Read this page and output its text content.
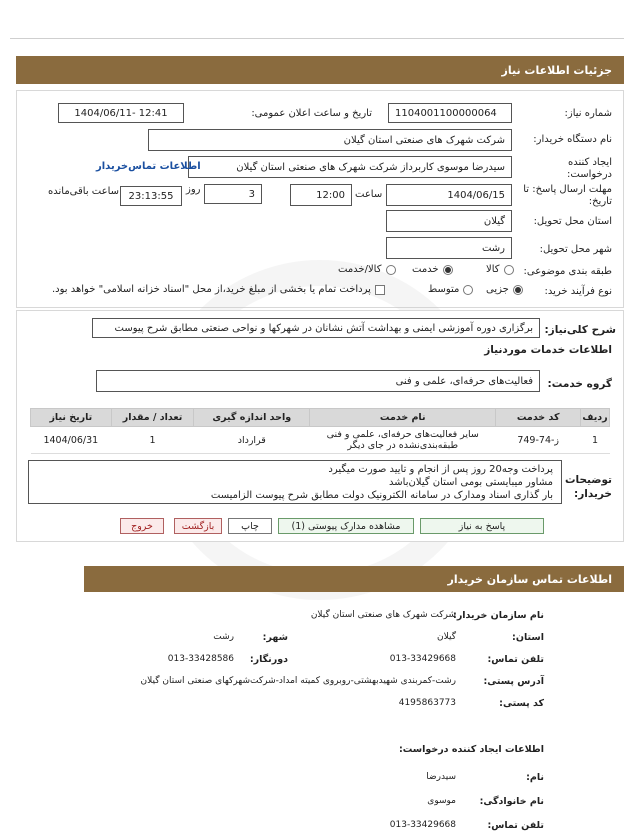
جزئیات اطلاعات نیاز
شماره نیاز:
1104001100000064
تاریخ و ساعت اعلان عمومی:
1404/06/11- 12:41
نام دستگاه خریدار:
شرکت شهرک های صنعتی استان گیلان
ایجاد کننده
درخواست:
سیدرضا موسوی کاربرداز شرکت شهرک های صنعتی استان گیلان
اطلاعات تماس‌خریدار
مهلت ارسال پاسخ: تا
تاریخ:
1404/06/15
ساعت
12:00
3
روز
23:13:55
ساعت باقی‌مانده
استان محل تحویل:
گیلان
شهر محل تحویل:
رشت
طبقه بندی موضوعی:
کالا
خدمت
کالا/خدمت
نوع فرآیند خرید:
جزیی
متوسط
پرداخت تمام یا بخشی از مبلغ خرید،از محل "اسناد خزانه اسلامی" خواهد بود.
شرح کلی‌نیاز:
برگزاری دوره آموزشی ایمنی و بهداشت آتش نشانان در شهرکها و نواحی صنعتی مطابق شرح پیوست
اطلاعات خدمات موردنیاز
گروه خدمت:
فعالیت‌های حرفه‌ای، علمی و فنی
ردیف	کد خدمت	نام خدمت	واحد اندازه گیری	تعداد / مقدار	تاریخ نیاز
1	ز-74-749	سایر فعالیت‌های حرفه‌ای، علمی و فنی
طبقه‌بندی‌نشده در جای دیگر	قرارداد	1	1404/06/31
توضیحات
خریدار:
پرداخت وجه20 روز پس از انجام و تایید صورت میگیرد
مشاور میبایستی بومی استان گیلان‌باشد
بار گذاری اسناد ومدارک در سامانه الکترونیک دولت مطابق شرح پیوست الزامیست
پاسخ به نیاز
مشاهده مدارک پیوستی (1)
چاپ
بازگشت
خروج
اطلاعات تماس سازمان خریدار
نام سازمان خریدار:
شرکت شهرک های صنعتی استان گیلان
استان:
گیلان
شهر:
رشت
تلفن تماس:
013-33429668
دورنگار:
013-33428586
آدرس پستی:
رشت-کمربندی شهیدبهشتی-روبروی کمیته امداد-شرکت‌شهرکهای صنعتی استان گیلان
کد پستی:
4195863773
اطلاعات ایجاد کننده درخواست:
نام:
سیدرضا
نام خانوادگی:
موسوی
تلفن تماس:
013-33429668
